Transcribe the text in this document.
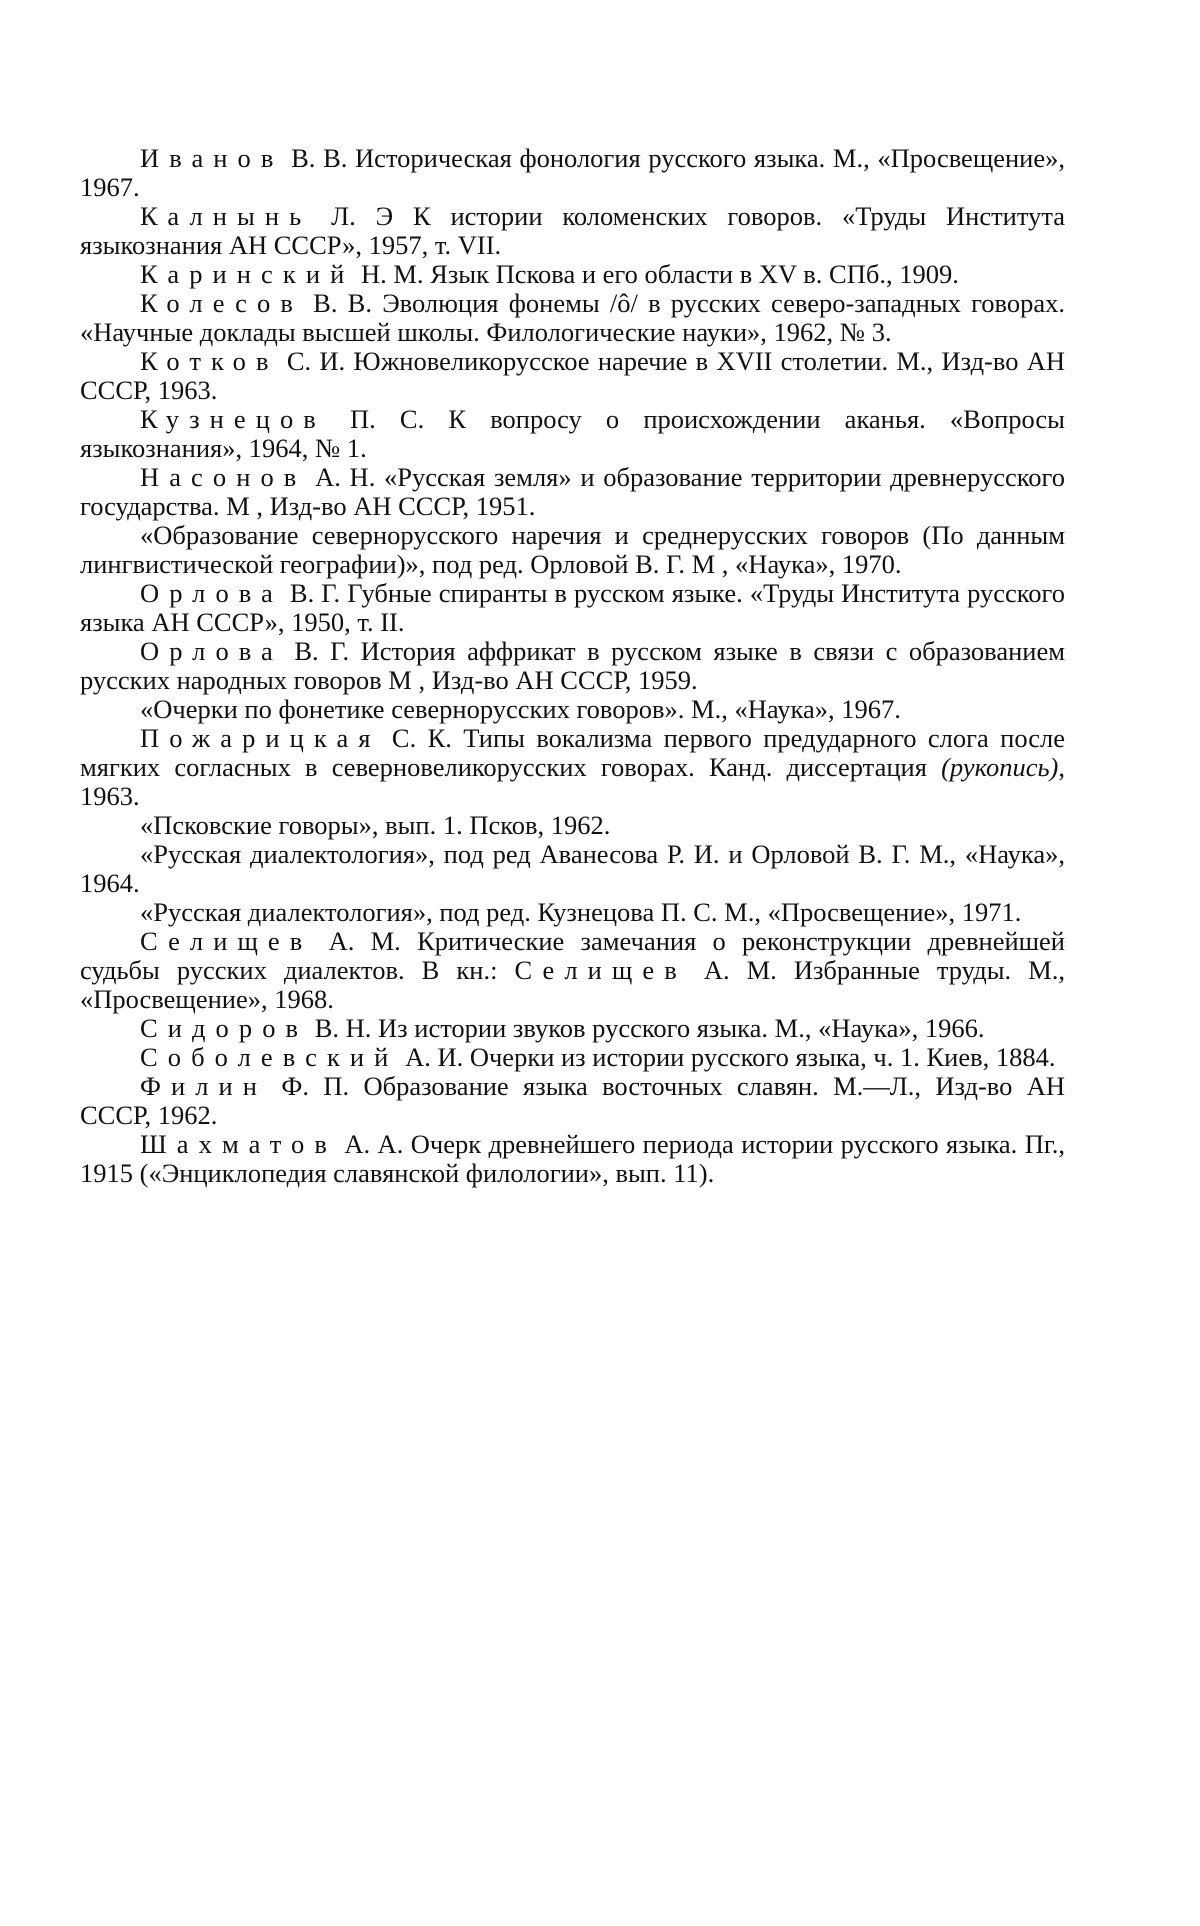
Иванов В. В. Историческая фонология русского языка. М., «Просвещение», 1967.

Калнынь Л. Э К истории коломенских говоров. «Труды Института языкознания АН СССР», 1957, т. VII.

Каринский Н. М. Язык Пскова и его области в XV в. СПб., 1909.

Колесов В. В. Эволюция фонемы /ô/ в русских северо-западных говорах. «Научные доклады высшей школы. Филологические науки», 1962, № 3.

Котков С. И. Южновеликорусское наречие в XVII столетии. М., Изд-во АН СССР, 1963.

Кузнецов П. С. К вопросу о происхождении аканья. «Вопросы языкознания», 1964, № 1.

Насонов А. Н. «Русская земля» и образование территории древнерусского государства. М , Изд-во АН СССР, 1951.

«Образование севернорусского наречия и среднерусских говоров (По данным лингвистической географии)», под ред. Орловой В. Г. М , «Наука», 1970.

Орлова В. Г. Губные спиранты в русском языке. «Труды Института русского языка АН СССР», 1950, т. II.

Орлова В. Г. История аффрикат в русском языке в связи с образованием русских народных говоров М , Изд-во АН СССР, 1959.

«Очерки по фонетике севернорусских говоров». М., «Наука», 1967.

Пожарицкая С. К. Типы вокализма первого предударного слога после мягких согласных в северновеликорусских говорах. Канд. диссертация (рукопись), 1963.

«Псковские говоры», вып. 1. Псков, 1962.

«Русская диалектология», под ред Аванесова Р. И. и Орловой В. Г. М., «Наука», 1964.

«Русская диалектология», под ред. Кузнецова П. С. М., «Просвещение», 1971.

Селищев А. М. Критические замечания о реконструкции древнейшей судьбы русских диалектов. В кн.: Селищев А. М. Избранные труды. М., «Просвещение», 1968.

Сидоров В. Н. Из истории звуков русского языка. М., «Наука», 1966.

Соболевский А. И. Очерки из истории русского языка, ч. 1. Киев, 1884.

Филин Ф. П. Образование языка восточных славян. М.—Л., Изд-во АН СССР, 1962.

Шахматов А. А. Очерк древнейшего периода истории русского языка. Пг., 1915 («Энциклопедия славянской филологии», вып. 11).
